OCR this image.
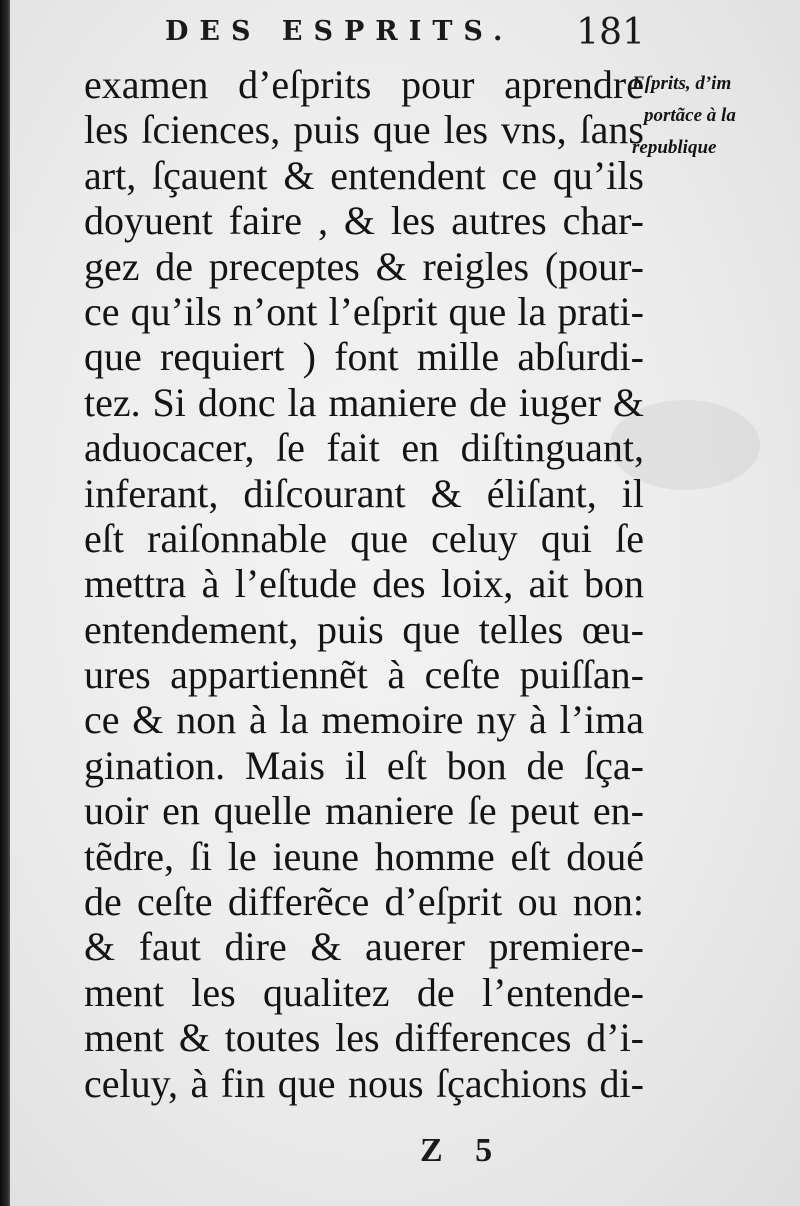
DES ESPRITS. 181
examen d’eſprits pour aprendre
les ſciences, puis que les vns, ſans
art, ſçauent & entendent ce qu’ils
doyuent faire , & les autres char-
gez de preceptes & reigles (pour-
ce qu’ils n’ont l’eſprit que la prati-
que requiert ) font mille abſurdi-
tez. Si donc la maniere de iuger &
aduocacer, ſe fait en diſtinguant,
inferant, diſcourant & éliſant, il
eſt raiſonnable que celuy qui ſe
mettra à l’eſtude des loix, ait bon
entendement, puis que telles œu-
ures appartiennẽt à ceſte puiſſan-
ce & non à la memoire ny à l’ima
gination. Mais il eſt bon de ſça-
uoir en quelle maniere ſe peut en-
tẽdre, ſi le ieune homme eſt doué
de ceſte differẽce d’eſprit ou non:
& faut dire & auerer premiere-
ment les qualitez de l’entende-
ment & toutes les differences d’i-
celuy, à fin que nous ſçachions di-
Eſprits, d’im
portãce à la
republique
Z 5
